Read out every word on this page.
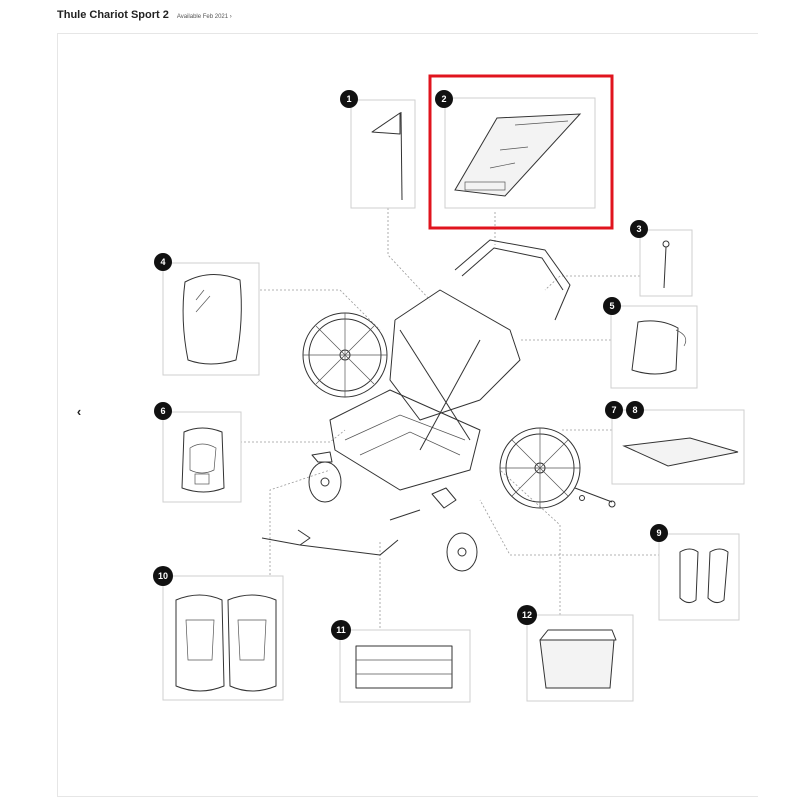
Thule Chariot Sport 2 Available Feb 2021 ›
‹
1	2
3
4
5
6	7 8
9
10
11
12
